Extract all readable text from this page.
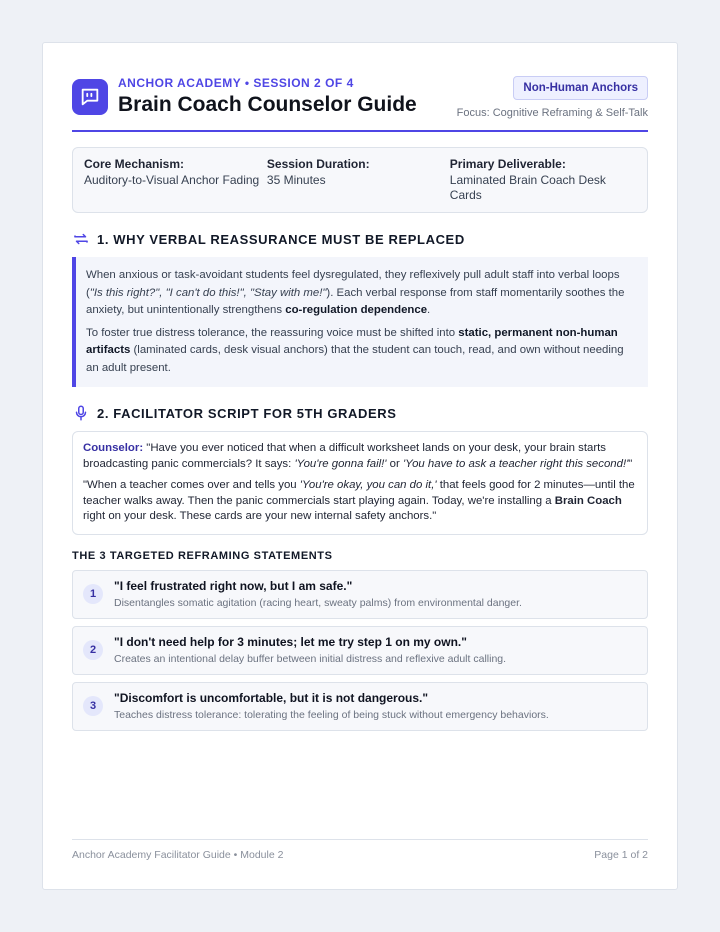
ANCHOR ACADEMY • SESSION 2 OF 4
Brain Coach Counselor Guide
Non-Human Anchors
Focus: Cognitive Reframing & Self-Talk
Core Mechanism:
Auditory-to-Visual Anchor Fading
Session Duration:
35 Minutes
Primary Deliverable:
Laminated Brain Coach Desk Cards
1. WHY VERBAL REASSURANCE MUST BE REPLACED

When anxious or task-avoidant students feel dysregulated, they reflexively pull adult staff into verbal loops ("Is this right?", "I can't do this!", "Stay with me!"). Each verbal response from staff momentarily soothes the anxiety, but unintentionally strengthens co-regulation dependence.

To foster true distress tolerance, the reassuring voice must be shifted into static, permanent non-human artifacts (laminated cards, desk visual anchors) that the student can touch, read, and own without needing an adult present.

2. FACILITATOR SCRIPT FOR 5TH GRADERS

Counselor: "Have you ever noticed that when a difficult worksheet lands on your desk, your brain starts broadcasting panic commercials? It says: 'You're gonna fail!' or 'You have to ask a teacher right this second!'"

"When a teacher comes over and tells you 'You're okay, you can do it,' that feels good for 2 minutes—until the teacher walks away. Then the panic commercials start playing again. Today, we're installing a Brain Coach right on your desk. These cards are your new internal safety anchors."

THE 3 TARGETED REFRAMING STATEMENTS
1
"I feel frustrated right now, but I am safe."
Disentangles somatic agitation (racing heart, sweaty palms) from environmental danger.
2
"I don't need help for 3 minutes; let me try step 1 on my own."
Creates an intentional delay buffer between initial distress and reflexive adult calling.
3
"Discomfort is uncomfortable, but it is not dangerous."
Teaches distress tolerance: tolerating the feeling of being stuck without emergency behaviors.
Anchor Academy Facilitator Guide • Module 2	Page 1 of 2
